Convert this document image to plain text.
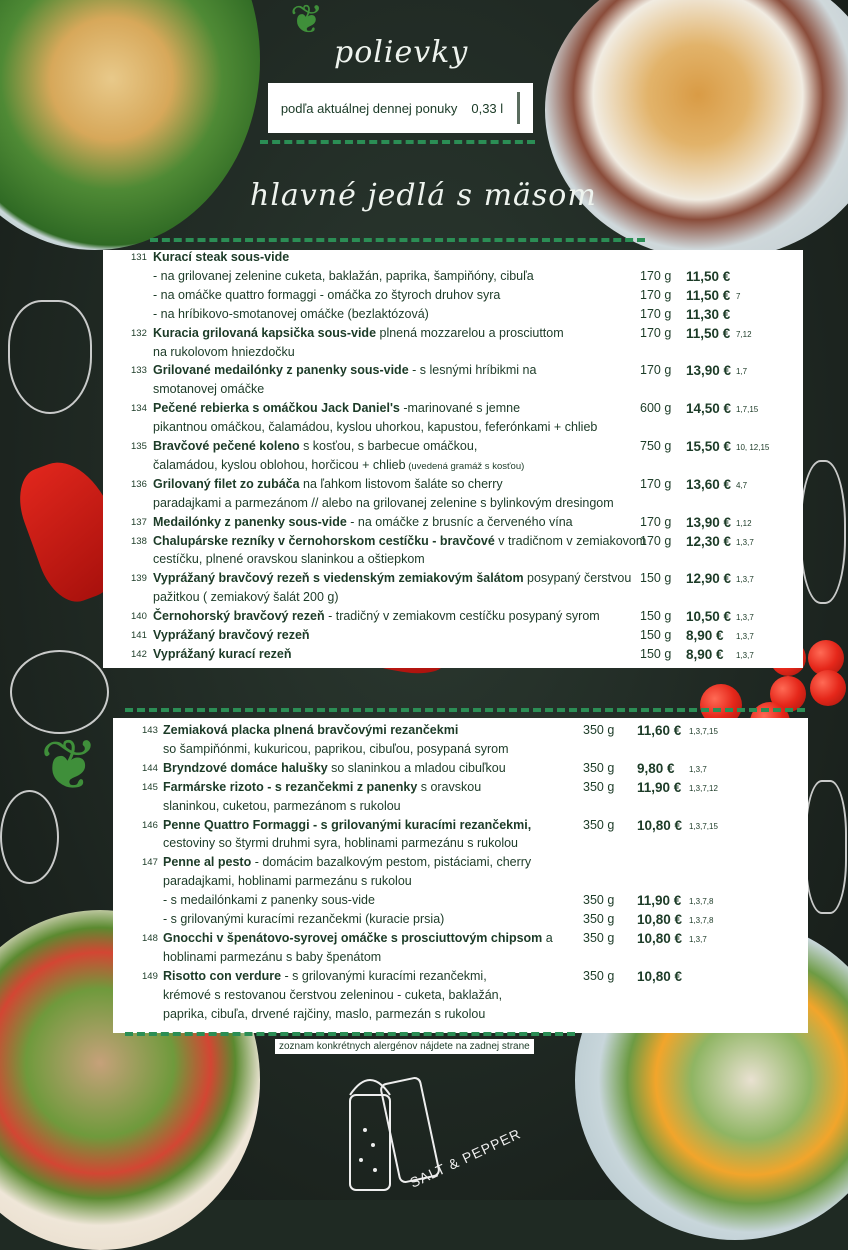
❦
❦
polievky
podľa aktuálnej dennej ponuky 0,33 l
hlavné jedlá s mäsom
131 Kurací steak sous-vide
- na grilovanej zelenine cuketa, baklažán, paprika, šampiňóny, cibuľa	170 g 11,50 €
- na omáčke quattro formaggi - omáčka zo štyroch druhov syra	170 g 11,50 € 7
- na hríbikovo-smotanovej omáčke (bezlaktózová)	170 g 11,30 €
132 Kuracia grilovaná kapsička sous-vide plnená mozzarelou a prosciuttom	170 g 11,50 € 7,12
na rukolovom hniezdočku
133 Grilované medailónky z panenky sous-vide - s lesnými hríbikmi na	170 g 13,90 € 1,7
smotanovej omáčke
134 Pečené rebierka s omáčkou Jack Daniel's -marinované s jemne	600 g 14,50 € 1,7,15
pikantnou omáčkou, čalamádou, kyslou uhorkou, kapustou, feferónkami + chlieb
135 Bravčové pečené koleno s kosťou, s barbecue omáčkou,	750 g 15,50 € 10, 12,15
čalamádou, kyslou oblohou, horčicou + chlieb (uvedená gramáž s kosťou)
136 Grilovaný filet zo zubáča na ľahkom listovom šaláte so cherry	170 g 13,60 € 4,7
paradajkami a parmezánom // alebo na grilovanej zelenine s bylinkovým dresingom
137 Medailónky z panenky sous-vide - na omáčke z brusníc a červeného vína	170 g 13,90 € 1,12
138 Chalupárske rezníky v černohorskom cestíčku - bravčové v tradičnom v zemiakovom
170 g 12,30 € 1,3,7
cestíčku, plnené oravskou slaninkou a oštiepkom
139 Vyprážaný bravčový rezeň s viedenským zemiakovým šalátom posypaný čerstvou 150 g 12,90 € 1,3,7
pažitkou ( zemiakový šalát 200 g)
140 Černohorský bravčový rezeň - tradičný v zemiakovm cestíčku posypaný syrom	150 g 10,50 € 1,3,7
141 Vyprážaný bravčový rezeň	150 g 8,90 € 1,3,7
142 Vyprážaný kurací rezeň	150 g 8,90 € 1,3,7
143 Zemiaková placka plnená bravčovými rezančekmi	350 g 11,60 € 1,3,7,15
so šampiňónmi, kukuricou, paprikou, cibuľou, posypaná syrom
144 Bryndzové domáce halušky so slaninkou a mladou cibuľkou	350 g 9,80 € 1,3,7
145 Farmárske rizoto - s rezančekmi z panenky s oravskou	350 g 11,90 € 1,3,7,12
slaninkou, cuketou, parmezánom s rukolou
146 Penne Quattro Formaggi - s grilovanými kuracími rezančekmi,	350 g 10,80 € 1,3,7,15
cestoviny so štyrmi druhmi syra, hoblinami parmezánu s rukolou
147 Penne al pesto - domácim bazalkovým pestom, pistáciami, cherry
paradajkami, hoblinami parmezánu s rukolou
- s medailónkami z panenky sous-vide	350 g 11,90 € 1,3,7,8
- s grilovanými kuracími rezančekmi (kuracie prsia)	350 g 10,80 € 1,3,7,8
148 Gnocchi v špenátovo-syrovej omáčke s prosciuttovým chipsom a 350 g 10,80 € 1,3,7
hoblinami parmezánu s baby špenátom
149 Risotto con verdure - s grilovanými kuracími rezančekmi,	350 g 10,80 €
krémové s restovanou čerstvou zeleninou - cuketa, baklažán,
paprika, cibuľa, drvené rajčiny, maslo, parmezán s rukolou
zoznam konkrétnych alergénov nájdete na zadnej strane
SALT & PEPPER
